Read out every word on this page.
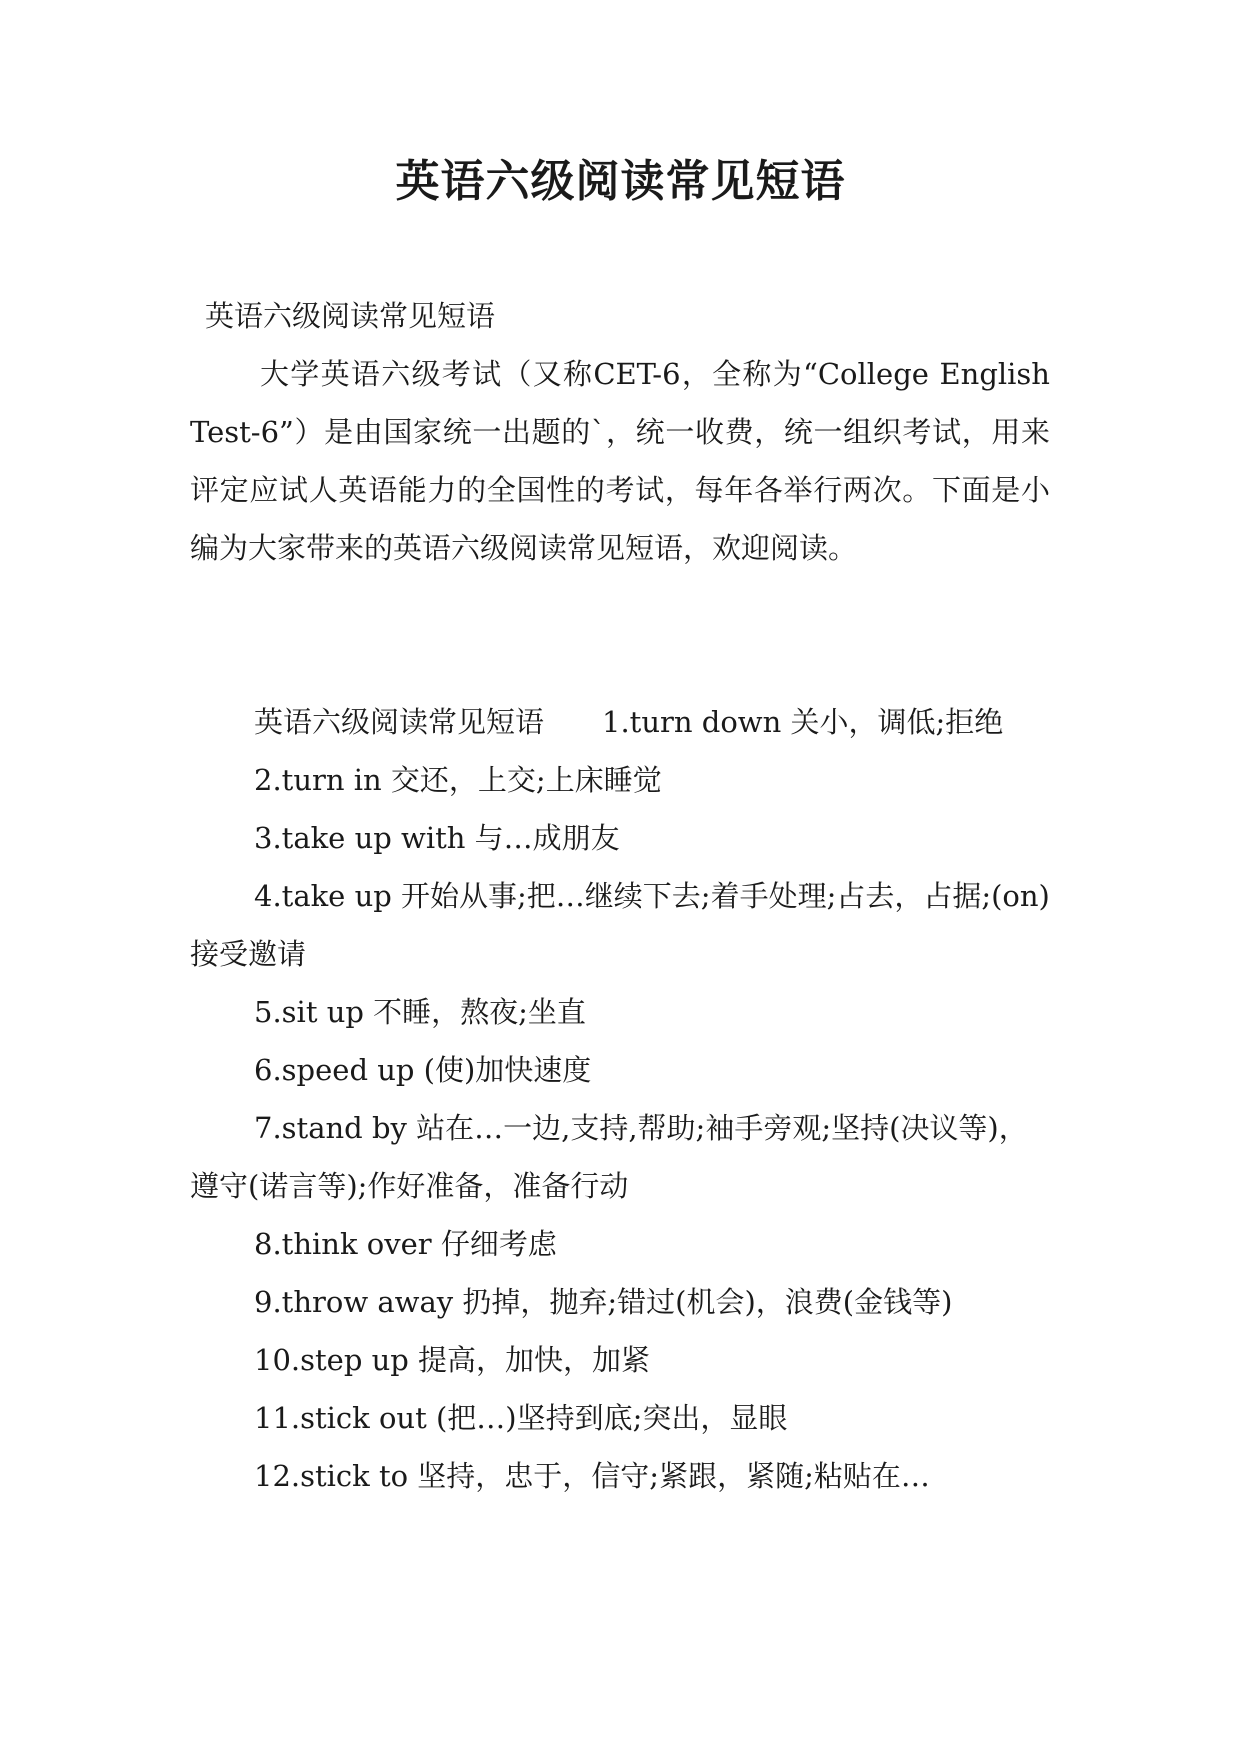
英语六级阅读常见短语
英语六级阅读常见短语
大学英语六级考试（又称CET-6，全称为“College English Test-6”）是由国家统一出题的`，统一收费，统一组织考试，用来评定应试人英语能力的全国性的考试，每年各举行两次。下面是小编为大家带来的英语六级阅读常见短语，欢迎阅读。

英语六级阅读常见短语　　1.turn down 关小，调低;拒绝

2.turn in 交还，上交;上床睡觉

3.take up with 与…成朋友

4.take up 开始从事;把…继续下去;着手处理;占去，占据;(on)接受邀请

5.sit up 不睡，熬夜;坐直

6.speed up (使)加快速度

7.stand by 站在…一边,支持,帮助;袖手旁观;坚持(决议等)，遵守(诺言等);作好准备，准备行动

8.think over 仔细考虑

9.throw away 扔掉，抛弃;错过(机会)，浪费(金钱等)

10.step up 提高，加快，加紧

11.stick out (把…)坚持到底;突出，显眼

12.stick to 坚持，忠于，信守;紧跟，紧随;粘贴在…
